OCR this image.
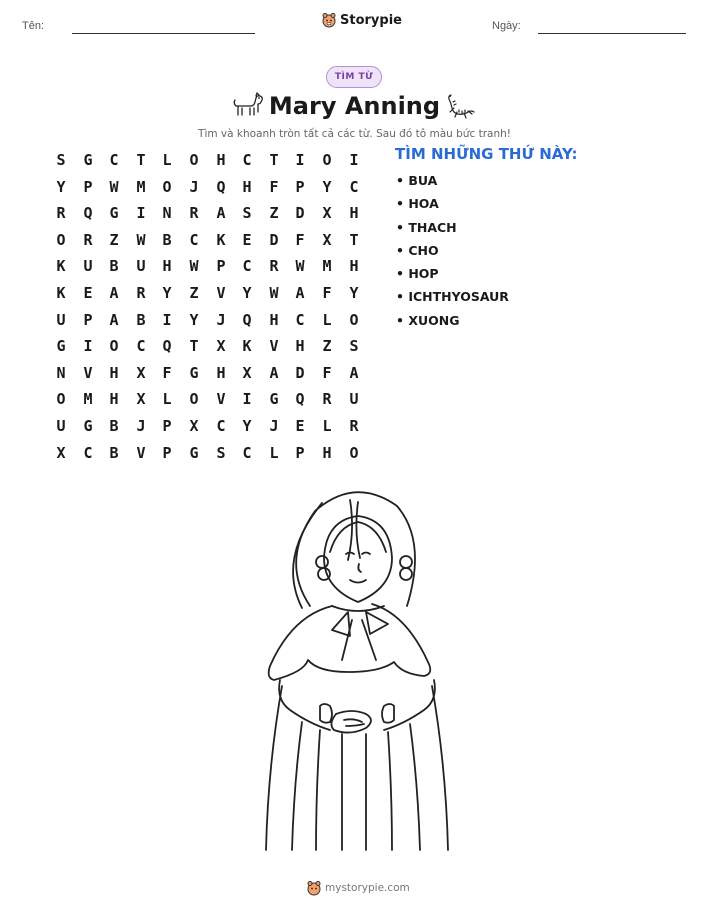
Tên:	Storypie	Ngày:
TÌM TỪ
Mary Anning
Tìm và khoanh tròn tất cả các từ. Sau đó tô màu bức tranh!
S	G	C	T	L	O	H	C	T	I	O	I
Y	P	W	M	O	J	Q	H	F	P	Y	C
R	Q	G	I	N	R	A	S	Z	D	X	H
O	R	Z	W	B	C	K	E	D	F	X	T
K	U	B	U	H	W	P	C	R	W	M	H
K	E	A	R	Y	Z	V	Y	W	A	F	Y
U	P	A	B	I	Y	J	Q	H	C	L	O
G	I	O	C	Q	T	X	K	V	H	Z	S
N	V	H	X	F	G	H	X	A	D	F	A
O	M	H	X	L	O	V	I	G	Q	R	U
U	G	B	J	P	X	C	Y	J	E	L	R
X	C	B	V	P	G	S	C	L	P	H	O
TÌM NHỮNG THỨ NÀY:
• BUA
• HOA
• THACH
• CHO
• HOP
• ICHTHYOSAUR
• XUONG
mystorypie.com
